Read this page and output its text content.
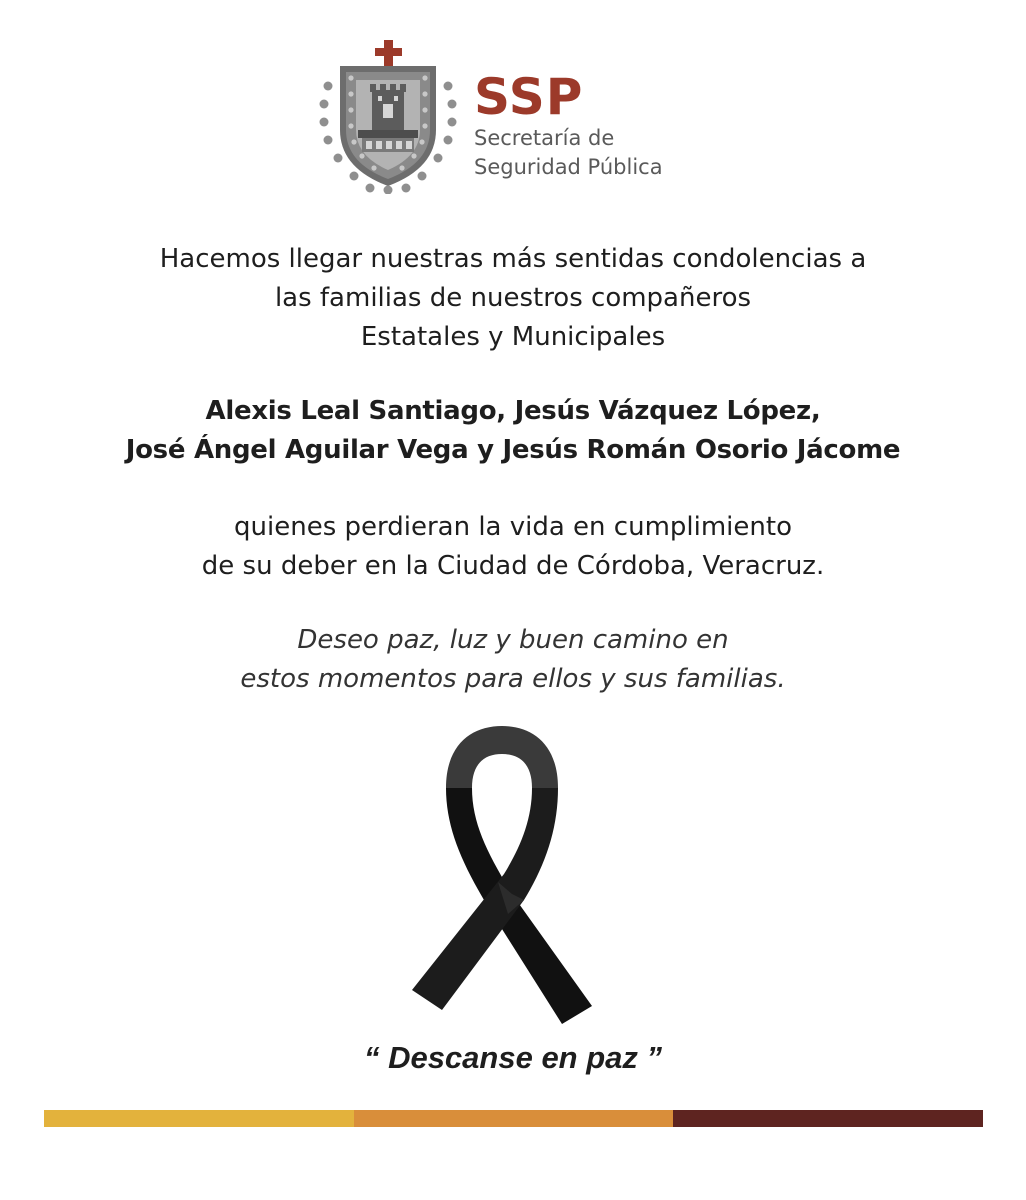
SSP
Secretaría de
Seguridad Pública
Hacemos llegar nuestras más sentidas condolencias a
las familias de nuestros compañeros
Estatales y Municipales
Alexis Leal Santiago, Jesús Vázquez López,
José Ángel Aguilar Vega y Jesús Román Osorio Jácome
quienes perdieran la vida en cumplimiento
de su deber en la Ciudad de Córdoba, Veracruz.
Deseo paz, luz y buen camino en
estos momentos para ellos y sus familias.
“ Descanse en paz ”
